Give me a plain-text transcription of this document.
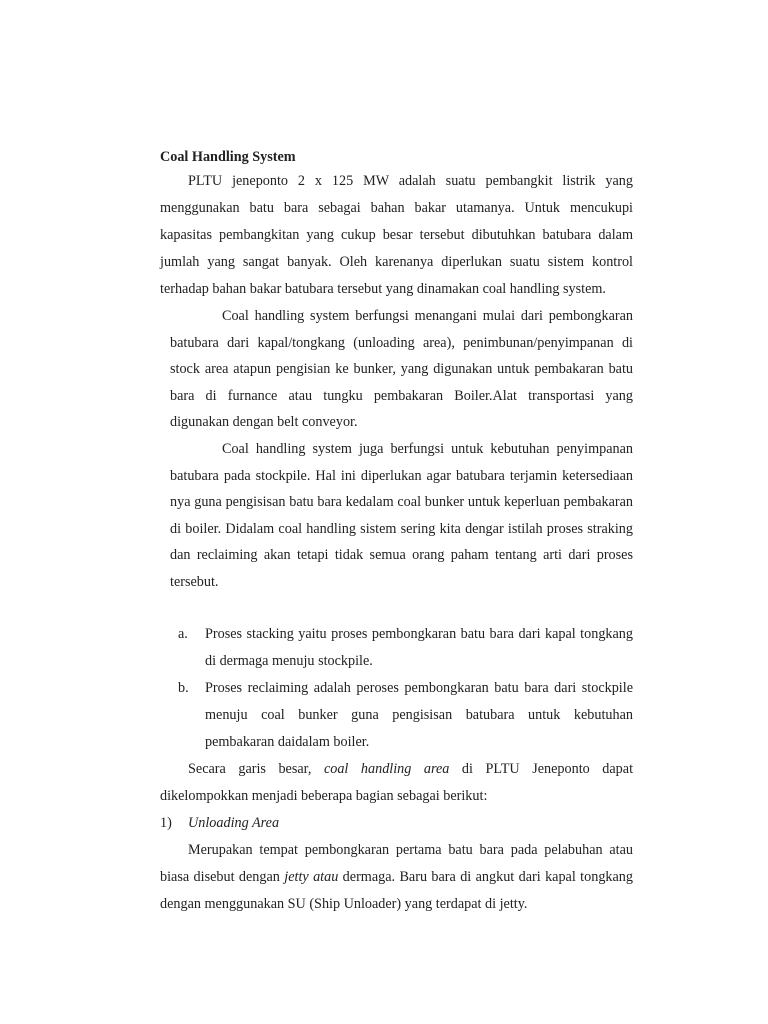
Coal Handling System

PLTU jeneponto 2 x 125 MW adalah suatu pembangkit listrik yang menggunakan batu bara sebagai bahan bakar utamanya. Untuk mencukupi kapasitas pembangkitan yang cukup besar tersebut dibutuhkan batubara dalam jumlah yang sangat banyak. Oleh karenanya diperlukan suatu sistem kontrol terhadap bahan bakar batubara tersebut yang dinamakan coal handling system.

Coal handling system berfungsi menangani mulai dari pembongkaran batubara dari kapal/tongkang (unloading area), penimbunan/penyimpanan di stock area atapun pengisian ke bunker, yang digunakan untuk pembakaran batu bara di furnance atau tungku pembakaran Boiler.Alat transportasi yang digunakan dengan belt conveyor.

Coal handling system juga berfungsi untuk kebutuhan penyimpanan batubara pada stockpile. Hal ini diperlukan agar batubara terjamin ketersediaan nya guna pengisisan batu bara kedalam coal bunker untuk keperluan pembakaran di boiler. Didalam coal handling sistem sering kita dengar istilah proses straking dan reclaiming akan tetapi tidak semua orang paham tentang arti dari proses tersebut.

a. Proses stacking yaitu proses pembongkaran batu bara dari kapal tongkang di dermaga menuju stockpile.
b. Proses reclaiming adalah peroses pembongkaran batu bara dari stockpile menuju coal bunker guna pengisisan batubara untuk kebutuhan pembakaran daidalam boiler.

Secara garis besar, coal handling area di PLTU Jeneponto dapat dikelompokkan menjadi beberapa bagian sebagai berikut:

1) Unloading Area

Merupakan tempat pembongkaran pertama batu bara pada pelabuhan atau biasa disebut dengan jetty atau dermaga. Baru bara di angkut dari kapal tongkang dengan menggunakan SU (Ship Unloader) yang terdapat di jetty.
